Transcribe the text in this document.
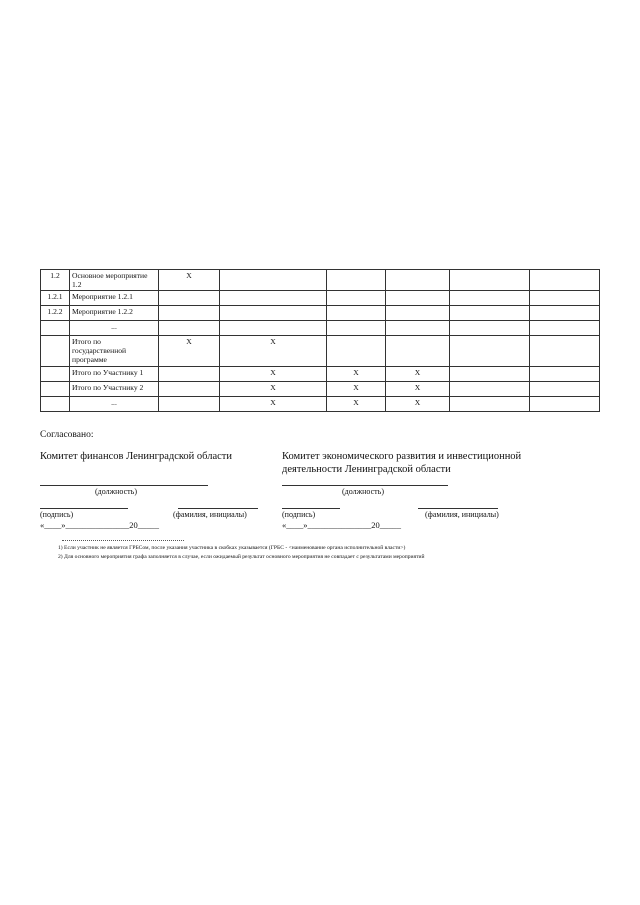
1.2	Основное мероприятие 1.2	X						
1.2.1	Мероприятие 1.2.1							
1.2.2	Мероприятие 1.2.2							
	...							
	Итого по государственной программе	X	X					
	Итого по Участнику 1		X	X	X			
	Итого по Участнику 2		X	X	X			
	...		X	X	X			
Согласовано:
Комитет финансов Ленинградской области	Комитет экономического развития и инвестиционной деятельности Ленинградской области
(должность)
(подпись)	(фамилия, инициалы)
«____»_______________20_____
(должность)
(подпись)	(фамилия, инициалы)
«____»_______________20_____

1) Если участник не является ГРБСом, после указания участника в скобках указывается (ГРБС - <наименование органа исполнительной власти>)

2) Для основного мероприятия графа заполняется в случае, если ожидаемый результат основного мероприятия не совпадает с результатами мероприятий
